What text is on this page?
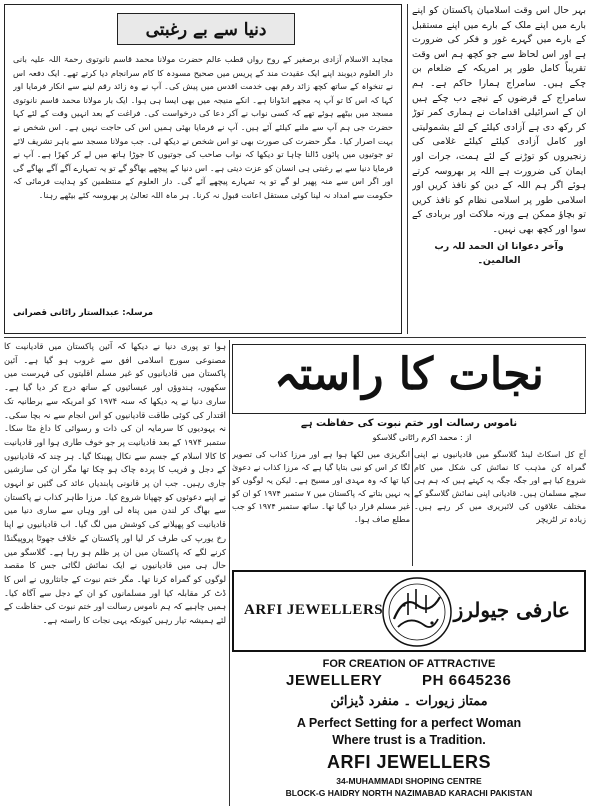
دنیا سے بے رغبتی
مجاہد الاسلام آزادی برصغیر کے روح رواں قطب عالم حضرت مولانا محمد قاسم نانوتوی رحمۃ اللہ علیہ بانی دار العلوم دیوبند اپنے ایک عقیدت مند کے پریس میں صحیح مسودہ کا کام سرانجام دیا کرتے تھے۔ ایک دفعہ اس نے تنخواہ کے ساتھ کچھ زائد رقم بھی خدمت اقدس میں پیش کی۔ آپ نے وہ زائد رقم لینے سے انکار فرمایا اور کہا کہ اس کا تو آپ پہ مجھے انڈوانا ہے۔ انکے منیجہ میں بھی ایسا ہی ہوا۔ ایک بار مولانا محمد قاسم نانوتوی مسجد میں بیٹھے ہوئے تھے کہ کسی نواب نے آکر دعا کی درخواست کی۔ فراغت کے بعد انہیں وقت کے لئے کہا حضرت جی ہم آپ سے ملنے کیلئے آئے ہیں۔ آپ نے فرمایا بھئی ہمیں اس کی حاجت نہیں ہے۔ اس شخص نے بہت اصرار کیا۔ مگر حضرت کی صورت بھی تو اس شخص نے دیکھ لی۔ جب مولانا مسجد سے باہر تشریف لائے تو جوتیوں میں پائوں ڈالنا چاہا تو دیکھا کہ نواب صاحب کی جوتیوں کا جوڑا ہاتھ میں لے کر کھڑا ہے۔ آپ نے فرمایا دنیا سے بے رغبتی ہی انسان کو عزت دیتی ہے۔ اس دنیا کے پیچھے بھاگو گے تو یہ تمہارے آگے آگے بھاگے گی اور اگر اس سے منہ پھیر لو گے تو یہ تمہارے پیچھے آئے گی۔ دار العلوم کے منتظمین کو ہدایت فرمائی کہ حکومت سے امداد نہ لینا کوئی مستقل اعانت قبول نہ کرنا۔ ہر ماہ اللہ تعالیٰ پر بھروسہ کئے بیٹھے رہنا۔
مرسلہ: عبدالستار راٹانی قصرانی
بہر حال اس وقت اسلامیان پاکستان کو اپنے بارے میں اپنے ملک کے بارے میں اپنے مستقبل کے بارے میں گہرے غور و فکر کی ضرورت ہے اور اس لحاظ سے جو کچھ ہم اس وقت تقریباً کامل طور پر امریکہ کے ضلعام بن چکے ہیں۔ سامراج ہمارا حاکم ہے۔ ہم سامراج کے قرضوں کے نیچے دب چکے ہیں ان کے اسرائیلی اقدامات نے ہماری کمر توڑ کر رکھ دی ہے آزادی کیلئے کے لئے بشمولیتی اور کامل آزادی کیلئے کیلئے غلامی کی زنجیروں کو توڑنے کے لئے ہمت، جرات اور ایمان کی ضرورت ہے اللہ پر بھروسہ کرتے ہوئے اگر ہم اللہ کے دین کو نافذ کریں اور اسلامی طور پر اسلامی نظام کو نافذ کریں تو بچاؤ ممکن ہے ورنہ ملاکت اور بربادی کے سوا اور کچھ بھی نہیں۔
وآخر دعوانا ان الحمد للہ رب العالمین۔
نجات کا راستہ
ناموس رسالت اور ختم نبوت کی حفاظت ہے
از : محمد اکرم راٹانی گلاسکو
ہوا تو پوری دنیا نے دیکھا کہ آئین پاکستان میں قادیانیت کا مصنوعی سورج اسلامی افق سے غروب ہو گیا ہے۔ آئین پاکستان میں قادیانیوں کو غیر مسلم اقلیتوں کی فہرست میں سکھوں، ہندوؤں اور عیسائیوں کے ساتھ درج کر دیا گیا ہے۔ ساری دنیا نے یہ دیکھا کہ سنہ ۱۹۷۴ کو امریکہ سے برطانیہ تک اقتدار کی کوئی طاقت قادیانیوں کو اس انجام سے نہ بچا سکی۔ نہ یہودیوں کا سرمایہ ان کی ذات و رسوائی کا داغ مٹا سکا۔ ستمبر ۱۹۷۴ کے بعد قادیانیت پر جو خوف طاری ہوا اور قادیانیت کا کالا اسلام کے جسم سے نکال پھینکا گیا۔ ہر چند کہ قادیانیوں کے دجل و فریب کا پردہ چاک ہو چکا تھا مگر ان کی سازشیں جاری رہیں۔ جب ان پر قانونی پابندیاں عائد کی گئیں تو انہوں نے اپنے دعوئوں کو چھپانا شروع کیا۔ مرزا طاہر کذاب نے پاکستان سے بھاگ کر لندن میں پناہ لی اور وہاں سے ساری دنیا میں قادیانیت کو پھیلانے کی کوشش میں لگ گیا۔ اب قادیانیوں نے اپنا رخ یورپ کی طرف کر لیا اور پاکستان کے خلاف جھوٹا پروپیگنڈا کرنے لگے کہ پاکستان میں ان پر ظلم ہو رہا ہے۔ گلاسگو میں حال ہی میں قادیانیوں نے ایک نمائش لگائی جس کا مقصد لوگوں کو گمراہ کرنا تھا۔ مگر ختم نبوت کے جانثاروں نے اس کا ڈٹ کر مقابلہ کیا اور مسلمانوں کو ان کے دجل سے آگاہ کیا۔ ہمیں چاہیے کہ ہم ناموس رسالت اور ختم نبوت کی حفاظت کے لئے ہمیشہ تیار رہیں کیونکہ یہی نجات کا راستہ ہے۔
انگریزی میں لکھا ہوا ہے اور مرزا کذاب کی تصویر لگا کر اس کو نبی بتایا گیا ہے کہ مرزا کذاب نے دعویٰ کیا تھا کہ وہ مہدی اور مسیح ہے۔ لیکن یہ لوگوں کو یہ نہیں بتاتے کہ پاکستان میں ۷ ستمبر ۱۹۷۴ کو ان کو غیر مسلم قرار دیا گیا تھا۔ ساتھ ستمبر ۱۹۷۴ کو جب مطلع صاف ہوا۔
آج کل اسکاٹ لینڈ گلاسگو میں قادیانیوں نے اپنی گمراہ کن مذہب کا نمائش کی شکل میں کام شروع کیا ہے اور جگہ جگہ یہ کہتے ہیں کہ ہم ہی سچے مسلمان ہیں۔ قادیانی اپنی نمائش گلاسگو کے مختلف علاقوں کی لائبریری میں کر رہے ہیں۔ زیادہ تر لٹریچر
ARFI JEWELLERS	عارفی جیولرز
FOR CREATION OF ATTRACTIVE
JEWELLERY	PH 6645236
ممتاز زیورات ۔ منفرد ڈیزائن
A Perfect Setting for a perfect Woman
Where trust is a Tradition.
ARFI JEWELLERS
34-MUHAMMADI SHOPING CENTRE
BLOCK-G HAIDRY NORTH NAZIMABAD KARACHI PAKISTAN
